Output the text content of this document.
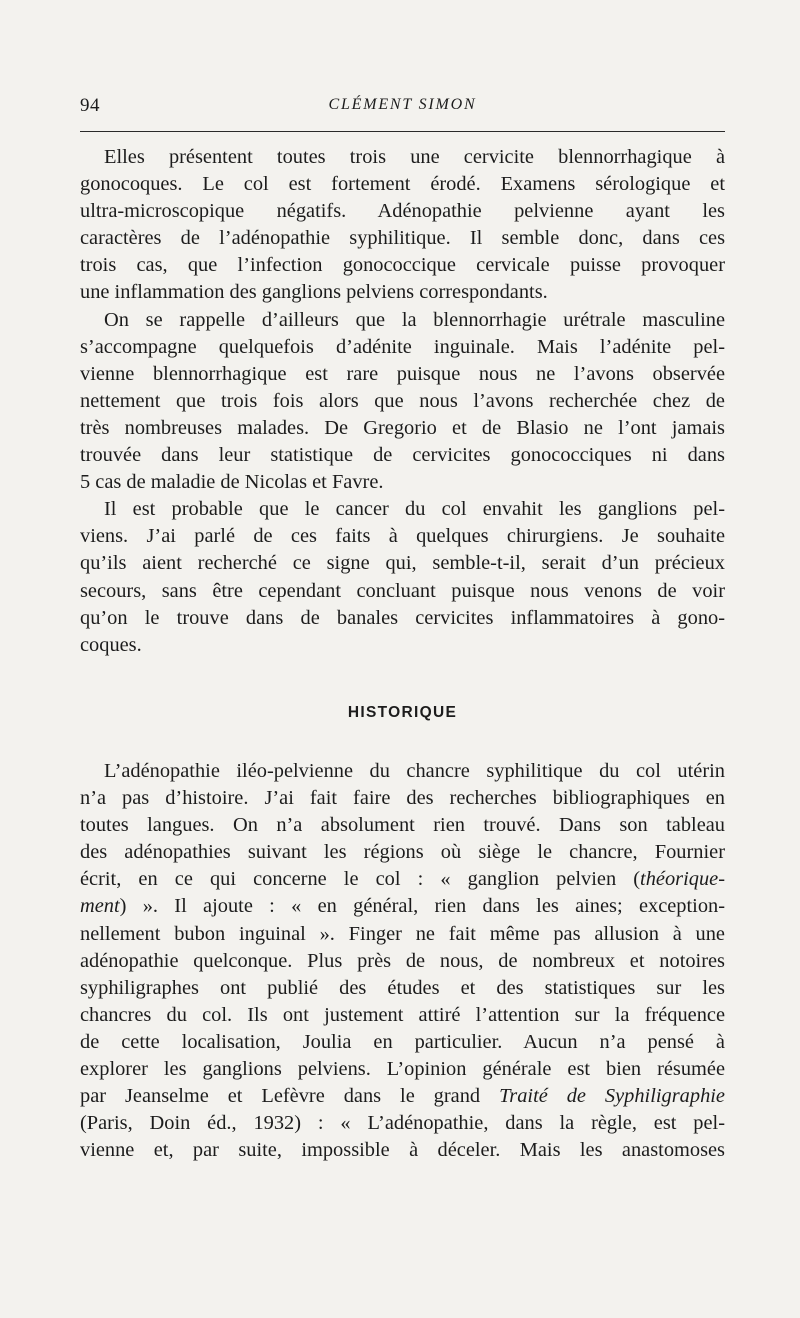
94	CLÉMENT SIMON

Elles présentent toutes trois une cervicite blennorrhagique à
gonocoques. Le col est fortement érodé. Examens sérologique et
ultra-microscopique négatifs. Adénopathie pelvienne ayant les
caractères de l’adénopathie syphilitique. Il semble donc, dans ces
trois cas, que l’infection gonococcique cervicale puisse provoquer
une inflammation des ganglions pelviens correspondants.

On se rappelle d’ailleurs que la blennorrhagie urétrale masculine
s’accompagne quelquefois d’adénite inguinale. Mais l’adénite pel-
vienne blennorrhagique est rare puisque nous ne l’avons observée
nettement que trois fois alors que nous l’avons recherchée chez de
très nombreuses malades. De Gregorio et de Blasio ne l’ont jamais
trouvée dans leur statistique de cervicites gonococciques ni dans
5 cas de maladie de Nicolas et Favre.

Il est probable que le cancer du col envahit les ganglions pel-
viens. J’ai parlé de ces faits à quelques chirurgiens. Je souhaite
qu’ils aient recherché ce signe qui, semble-t-il, serait d’un précieux
secours, sans être cependant concluant puisque nous venons de voir
qu’on le trouve dans de banales cervicites inflammatoires à gono-
coques.

HISTORIQUE

L’adénopathie iléo-pelvienne du chancre syphilitique du col utérin
n’a pas d’histoire. J’ai fait faire des recherches bibliographiques en
toutes langues. On n’a absolument rien trouvé. Dans son tableau
des adénopathies suivant les régions où siège le chancre, Fournier
écrit, en ce qui concerne le col : « ganglion pelvien (théorique-
ment) ». Il ajoute : « en général, rien dans les aines; exception-
nellement bubon inguinal ». Finger ne fait même pas allusion à une
adénopathie quelconque. Plus près de nous, de nombreux et notoires
syphiligraphes ont publié des études et des statistiques sur les
chancres du col. Ils ont justement attiré l’attention sur la fréquence
de cette localisation, Joulia en particulier. Aucun n’a pensé à
explorer les ganglions pelviens. L’opinion générale est bien résumée
par Jeanselme et Lefèvre dans le grand Traité de Syphiligraphie
(Paris, Doin éd., 1932) : « L’adénopathie, dans la règle, est pel-
vienne et, par suite, impossible à déceler. Mais les anastomoses
